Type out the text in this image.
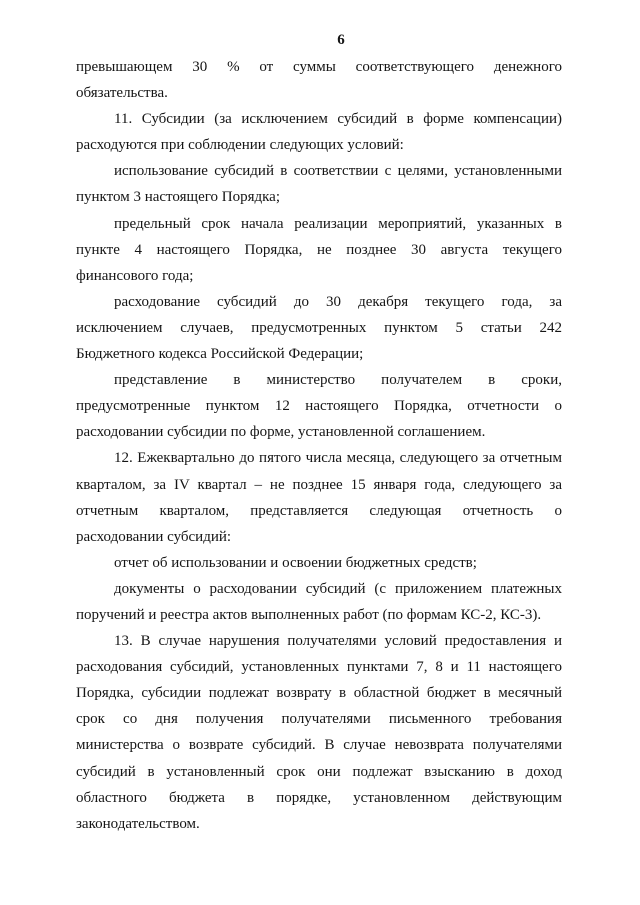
6
превышающем 30 % от суммы соответствующего денежного
обязательства.
11. Субсидии (за исключением субсидий в форме компенсации)
расходуются при соблюдении следующих условий:
использование субсидий в соответствии с целями, установленными
пунктом 3 настоящего Порядка;
предельный срок начала реализации мероприятий, указанных в
пункте 4 настоящего Порядка, не позднее 30 августа текущего
финансового года;
расходование субсидий до 30 декабря текущего года, за
исключением случаев, предусмотренных пунктом 5 статьи 242
Бюджетного кодекса Российской Федерации;
представление в министерство получателем в сроки,
предусмотренные пунктом 12 настоящего Порядка, отчетности о
расходовании субсидии по форме, установленной соглашением.
12. Ежеквартально до пятого числа месяца, следующего за отчетным
кварталом, за IV квартал – не позднее 15 января года, следующего за
отчетным кварталом, представляется следующая отчетность о
расходовании субсидий:
отчет об использовании и освоении бюджетных средств;
документы о расходовании субсидий (с приложением платежных
поручений и реестра актов выполненных работ (по формам КС-2, КС-3).
13. В случае нарушения получателями условий предоставления и
расходования субсидий, установленных пунктами 7, 8 и 11 настоящего
Порядка, субсидии подлежат возврату в областной бюджет в месячный
срок со дня получения получателями письменного требования
министерства о возврате субсидий. В случае невозврата получателями
субсидий в установленный срок они подлежат взысканию в доход
областного бюджета в порядке, установленном действующим
законодательством.
